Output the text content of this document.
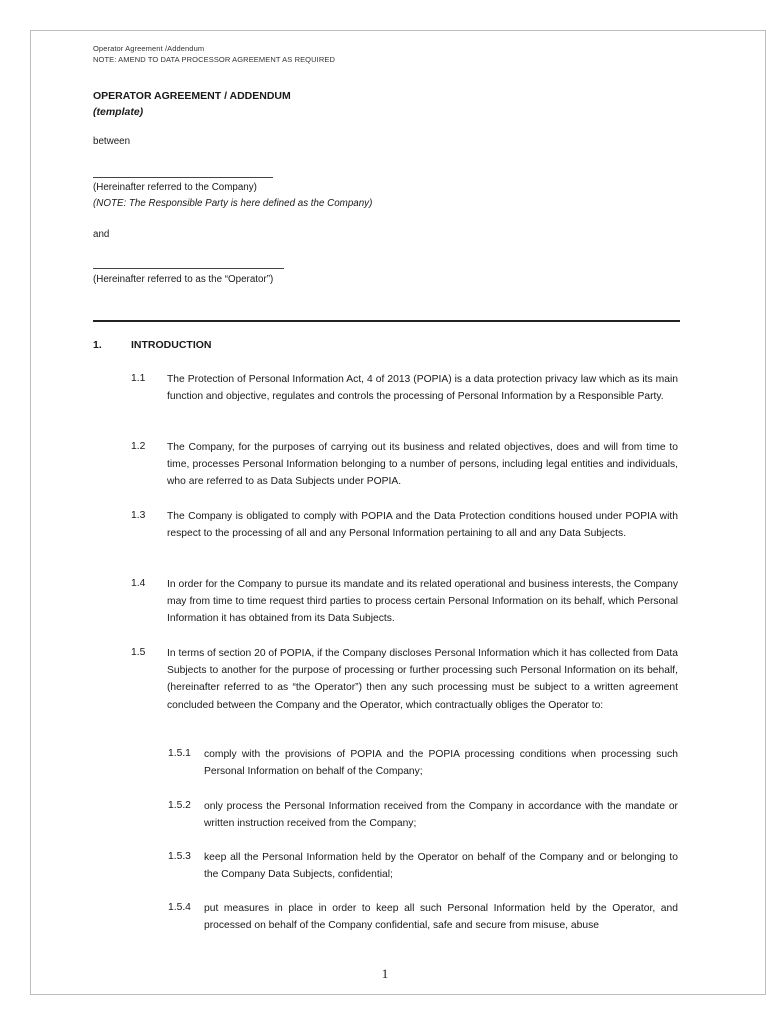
Operator Agreement /Addendum
NOTE: AMEND TO DATA PROCESSOR AGREEMENT AS REQUIRED
OPERATOR AGREEMENT / ADDENDUM
(template)
between
(Hereinafter referred to the Company)
(NOTE: The Responsible Party is here defined as the Company)
and
(Hereinafter referred to as the “Operator”)
1.	INTRODUCTION
1.1 The Protection of Personal Information Act, 4 of 2013 (POPIA) is a data protection privacy law which as its main function and objective, regulates and controls the processing of Personal Information by a Responsible Party.
1.2 The Company, for the purposes of carrying out its business and related objectives, does and will from time to time, processes Personal Information belonging to a number of persons, including legal entities and individuals, who are referred to as Data Subjects under POPIA.
1.3 The Company is obligated to comply with POPIA and the Data Protection conditions housed under POPIA with respect to the processing of all and any Personal Information pertaining to all and any Data Subjects.
1.4 In order for the Company to pursue its mandate and its related operational and business interests, the Company may from time to time request third parties to process certain Personal Information on its behalf, which Personal Information it has obtained from its Data Subjects.
1.5 In terms of section 20 of POPIA, if the Company discloses Personal Information which it has collected from Data Subjects to another for the purpose of processing or further processing such Personal Information on its behalf, (hereinafter referred to as “the Operator”) then any such processing must be subject to a written agreement concluded between the Company and the Operator, which contractually obliges the Operator to:
1.5.1 comply with the provisions of POPIA and the POPIA processing conditions when processing such Personal Information on behalf of the Company;
1.5.2 only process the Personal Information received from the Company in accordance with the mandate or written instruction received from the Company;
1.5.3 keep all the Personal Information held by the Operator on behalf of the Company and or belonging to the Company Data Subjects, confidential;
1.5.4 put measures in place in order to keep all such Personal Information held by the Operator, and processed on behalf of the Company confidential, safe and secure from misuse, abuse
1
